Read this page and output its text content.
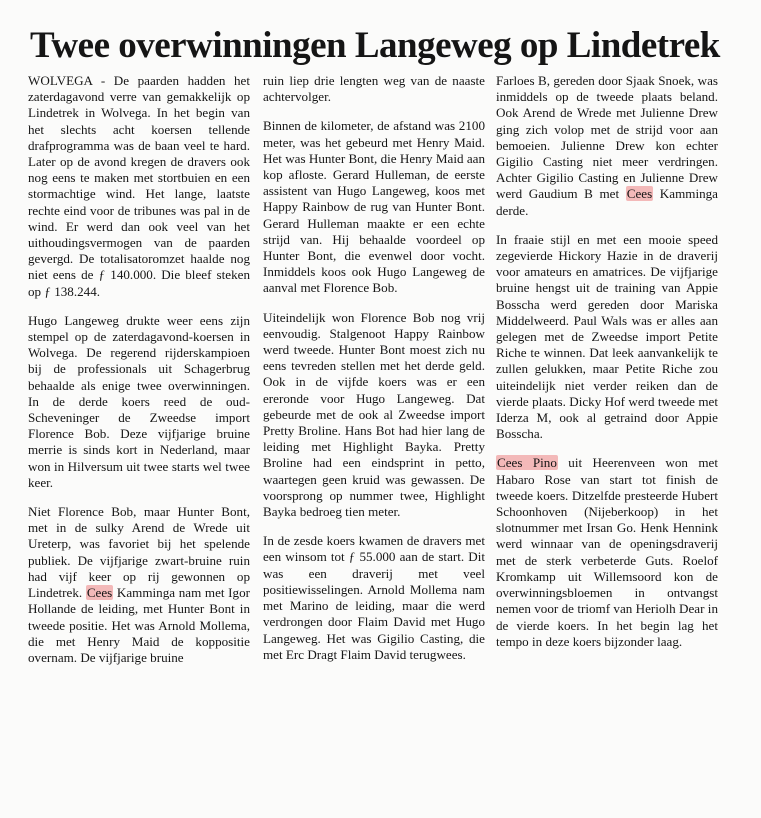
Twee overwinningen Langeweg op Lindetrek

WOLVEGA - De paarden hadden het zaterdagavond verre van gemakkelijk op Lindetrek in Wolvega. In het begin van het slechts acht koersen tellende drafprogramma was de baan veel te hard. Later op de avond kregen de dravers ook nog eens te maken met stortbuien en een stormachtige wind. Het lange, laatste rechte eind voor de tribunes was pal in de wind. Er werd dan ook veel van het uithoudingsvermogen van de paarden gevergd. De totalisatoromzet haalde nog niet eens de ƒ 140.000. Die bleef steken op ƒ 138.244.

Hugo Langeweg drukte weer eens zijn stempel op de zaterdagavond-koersen in Wolvega. De regerend rijderskampioen bij de professionals uit Schagerbrug behaalde als enige twee overwinningen. In de derde koers reed de oud-Scheveninger de Zweedse import Florence Bob. Deze vijfjarige bruine merrie is sinds kort in Nederland, maar won in Hilversum uit twee starts wel twee keer.

Niet Florence Bob, maar Hunter Bont, met in de sulky Arend de Wrede uit Ureterp, was favoriet bij het spelende publiek. De vijfjarige zwart-bruine ruin had vijf keer op rij gewonnen op Lindetrek. Cees Kamminga nam met Igor Hollande de leiding, met Hunter Bont in tweede positie. Het was Arnold Mollema, die met Henry Maid de koppositie overnam. De vijfjarige bruine

ruin liep drie lengten weg van de naaste achtervolger.

Binnen de kilometer, de afstand was 2100 meter, was het gebeurd met Henry Maid. Het was Hunter Bont, die Henry Maid aan kop afloste. Gerard Hulleman, de eerste assistent van Hugo Langeweg, koos met Happy Rainbow de rug van Hunter Bont. Gerard Hulleman maakte er een echte strijd van. Hij behaalde voordeel op Hunter Bont, die evenwel door vocht. Inmiddels koos ook Hugo Langeweg de aanval met Florence Bob.

Uiteindelijk won Florence Bob nog vrij eenvoudig. Stalgenoot Happy Rainbow werd tweede. Hunter Bont moest zich nu eens tevreden stellen met het derde geld. Ook in de vijfde koers was er een ereronde voor Hugo Langeweg. Dat gebeurde met de ook al Zweedse import Pretty Broline. Hans Bot had hier lang de leiding met Highlight Bayka. Pretty Broline had een eindsprint in petto, waartegen geen kruid was gewassen. De voorsprong op nummer twee, Highlight Bayka bedroeg tien meter.

In de zesde koers kwamen de dravers met een winsom tot ƒ 55.000 aan de start. Dit was een draverij met veel positiewisselingen. Arnold Mollema nam met Marino de leiding, maar die werd verdrongen door Flaim David met Hugo Langeweg. Het was Gigilio Casting, die met Erc Dragt Flaim David terugwees.

Farloes B, gereden door Sjaak Snoek, was inmiddels op de tweede plaats beland. Ook Arend de Wrede met Julienne Drew ging zich volop met de strijd voor aan bemoeien. Julienne Drew kon echter Gigilio Casting niet meer verdringen. Achter Gigilio Casting en Julienne Drew werd Gaudium B met Cees Kamminga derde.

In fraaie stijl en met een mooie speed zegevierde Hickory Hazie in de draverij voor amateurs en amatrices. De vijfjarige bruine hengst uit de training van Appie Bosscha werd gereden door Mariska Middelweerd. Paul Wals was er alles aan gelegen met de Zweedse import Petite Riche te winnen. Dat leek aanvankelijk te zullen gelukken, maar Petite Riche zou uiteindelijk niet verder reiken dan de vierde plaats. Dicky Hof werd tweede met Iderza M, ook al getraind door Appie Bosscha.

Cees Pino uit Heerenveen won met Habaro Rose van start tot finish de tweede koers. Ditzelfde presteerde Hubert Schoonhoven (Nijeberkoop) in het slotnummer met Irsan Go. Henk Hennink werd winnaar van de openingsdraverij met de sterk verbeterde Guts. Roelof Kromkamp uit Willemsoord kon de overwinningsbloemen in ontvangst nemen voor de triomf van Heriolh Dear in de vierde koers. In het begin lag het tempo in deze koers bijzonder laag.
